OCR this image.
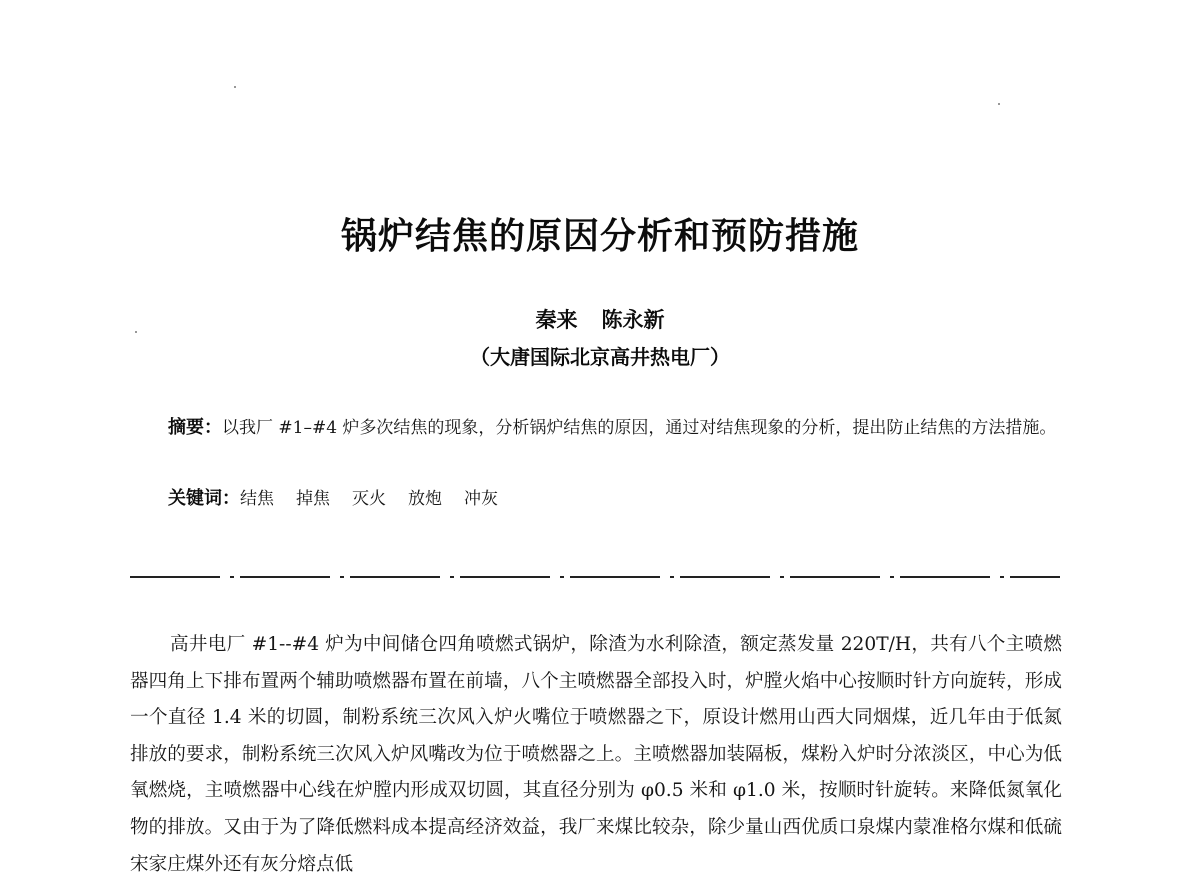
锅炉结焦的原因分析和预防措施
秦来 陈永新
（大唐国际北京高井热电厂）
摘要：以我厂 #1–#4 炉多次结焦的现象，分析锅炉结焦的原因，通过对结焦现象的分析，提出防止结焦的方法措施。
关键词：结焦 掉焦 灭火 放炮 冲灰

高井电厂 #1--#4 炉为中间储仓四角喷燃式锅炉，除渣为水利除渣，额定蒸发量 220T/H，共有八个主喷燃器四角上下排布置两个辅助喷燃器布置在前墙，八个主喷燃器全部投入时，炉膛火焰中心按顺时针方向旋转，形成一个直径 1.4 米的切圆，制粉系统三次风入炉火嘴位于喷燃器之下，原设计燃用山西大同烟煤，近几年由于低氮排放的要求，制粉系统三次风入炉风嘴改为位于喷燃器之上。主喷燃器加装隔板，煤粉入炉时分浓淡区，中心为低氧燃烧，主喷燃器中心线在炉膛内形成双切圆，其直径分别为 φ0.5 米和 φ1.0 米，按顺时针旋转。来降低氮氧化物的排放。又由于为了降低燃料成本提高经济效益，我厂来煤比较杂，除少量山西优质口泉煤内蒙准格尔煤和低硫宋家庄煤外还有灰分熔点低
